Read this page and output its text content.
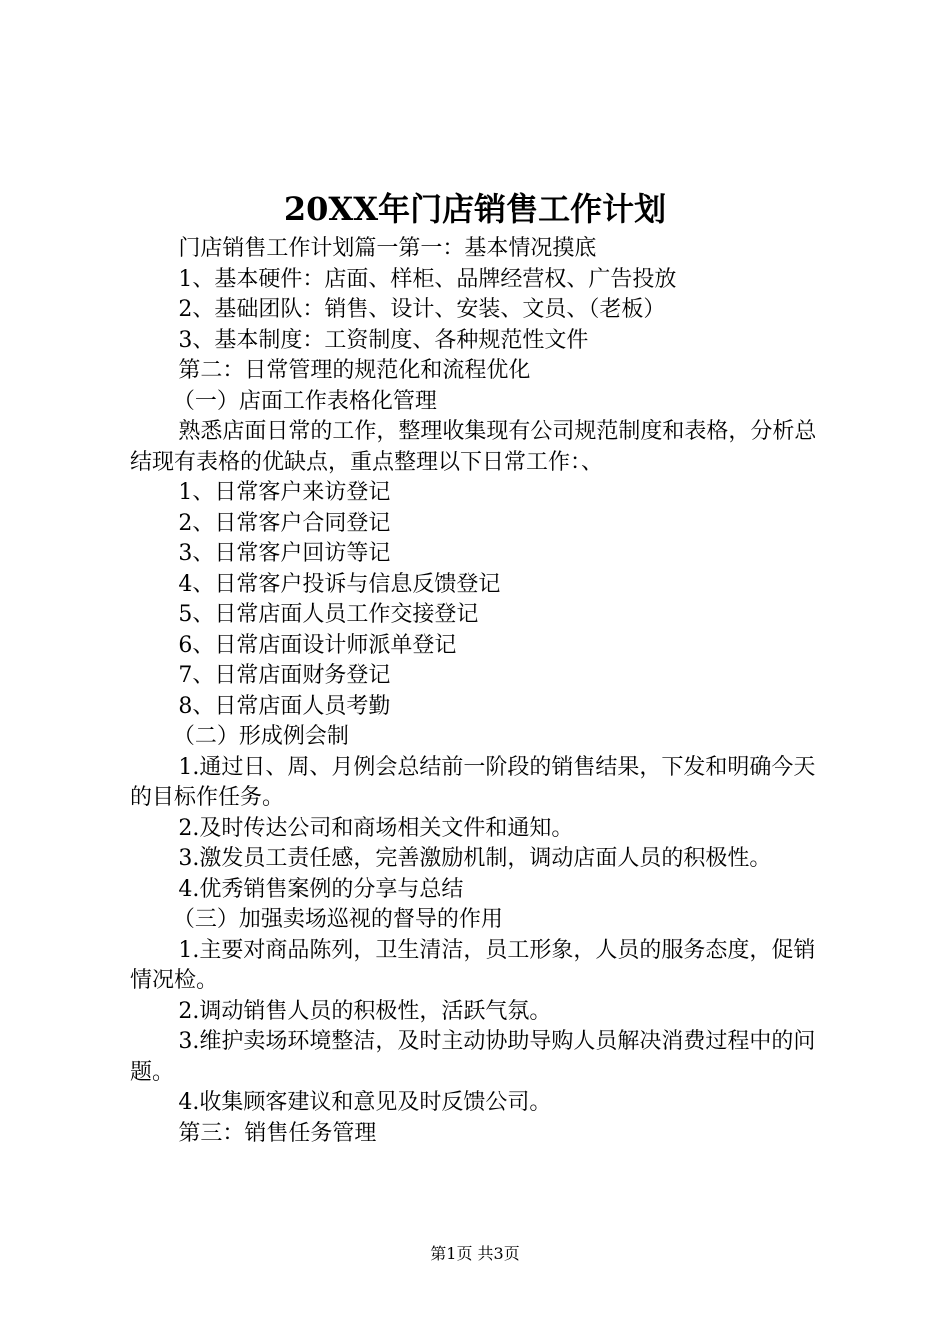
20XX年门店销售工作计划

门店销售工作计划篇一第一：基本情况摸底

1、基本硬件：店面、样柜、品牌经营权、广告投放

2、基础团队：销售、设计、安装、文员、（老板）

3、基本制度：工资制度、各种规范性文件

第二：日常管理的规范化和流程优化

（一）店面工作表格化管理

熟悉店面日常的工作，整理收集现有公司规范制度和表格，分析总结现有表格的优缺点，重点整理以下日常工作：、

1、日常客户来访登记

2、日常客户合同登记

3、日常客户回访等记

4、日常客户投诉与信息反馈登记

5、日常店面人员工作交接登记

6、日常店面设计师派单登记

7、日常店面财务登记

8、日常店面人员考勤

（二）形成例会制

1.通过日、周、月例会总结前一阶段的销售结果，下发和明确今天的目标作任务。

2.及时传达公司和商场相关文件和通知。

3.激发员工责任感，完善激励机制，调动店面人员的积极性。

4.优秀销售案例的分享与总结

（三）加强卖场巡视的督导的作用

1.主要对商品陈列，卫生清洁，员工形象，人员的服务态度，促销情况检。

2.调动销售人员的积极性，活跃气氛。

3.维护卖场环境整洁，及时主动协助导购人员解决消费过程中的问题。

4.收集顾客建议和意见及时反馈公司。

第三：销售任务管理

第1页 共3页
